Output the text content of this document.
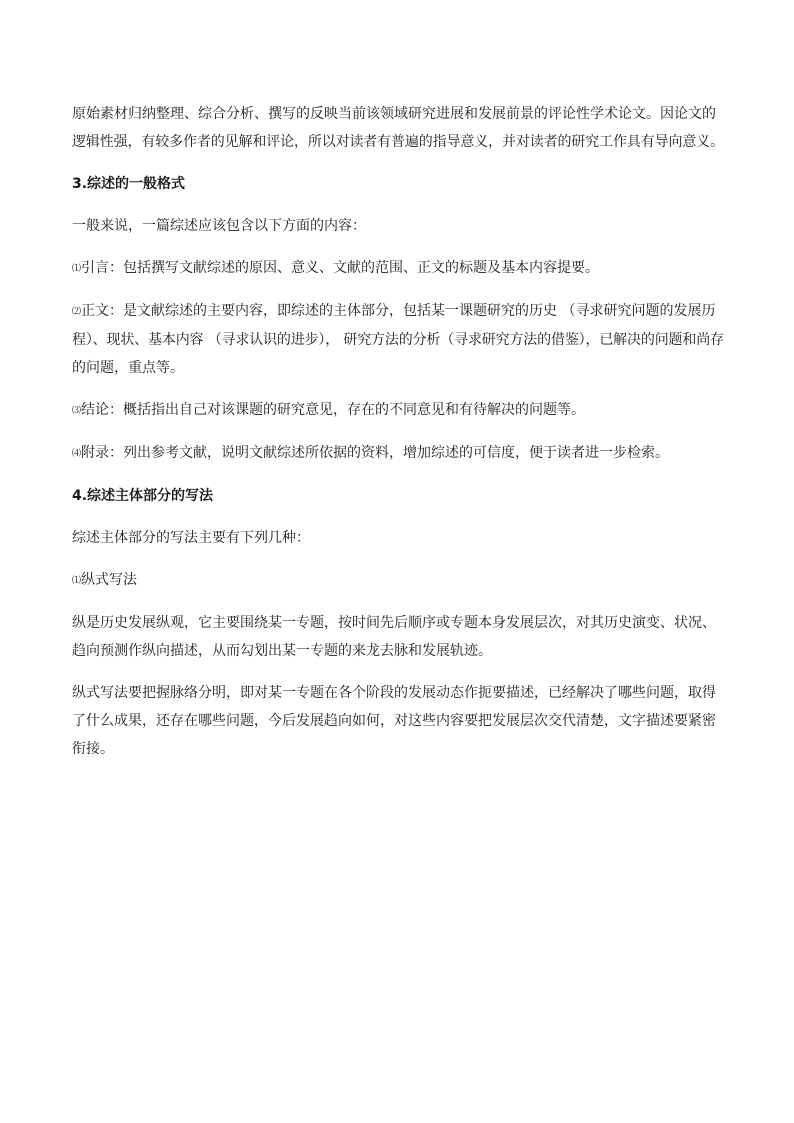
原始素材归纳整理、综合分析、撰写的反映当前该领域研究进展和发展前景的评论性学术论文。因论文的
逻辑性强，有较多作者的见解和评论，所以对读者有普遍的指导意义，并对读者的研究工作具有导向意义。

3.综述的一般格式

一般来说，一篇综述应该包含以下方面的内容：

⑴引言：包括撰写文献综述的原因、意义、文献的范围、正文的标题及基本内容提要。

⑵正文：是文献综述的主要内容，即综述的主体部分，包括某一课题研究的历史 （寻求研究问题的发展历
程）、现状、基本内容 （寻求认识的进步）， 研究方法的分析（寻求研究方法的借鉴），已解决的问题和尚存
的问题，重点等。

⑶结论：概括指出自己对该课题的研究意见，存在的不同意见和有待解决的问题等。

⑷附录：列出参考文献，说明文献综述所依据的资料，增加综述的可信度，便于读者进一步检索。

4.综述主体部分的写法

综述主体部分的写法主要有下列几种：

⑴纵式写法

纵是历史发展纵观，它主要围绕某一专题，按时间先后顺序或专题本身发展层次，对其历史演变、状况、
趋向预测作纵向描述，从而勾划出某一专题的来龙去脉和发展轨迹。

纵式写法要把握脉络分明，即对某一专题在各个阶段的发展动态作扼要描述，已经解决了哪些问题，取得
了什么成果，还存在哪些问题，今后发展趋向如何，对这些内容要把发展层次交代清楚，文字描述要紧密
衔接。
